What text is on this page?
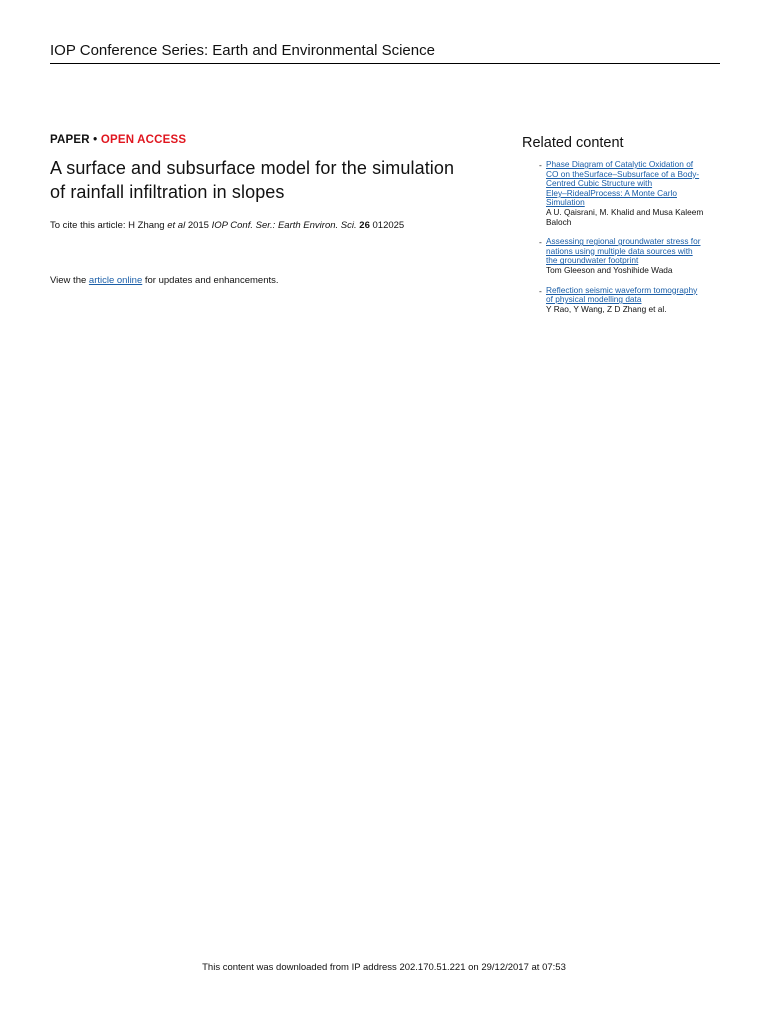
IOP Conference Series: Earth and Environmental Science
PAPER • OPEN ACCESS
A surface and subsurface model for the simulation
of rainfall infiltration in slopes
To cite this article: H Zhang et al 2015 IOP Conf. Ser.: Earth Environ. Sci. 26 012025
View the article online for updates and enhancements.
Related content
- Phase Diagram of Catalytic Oxidation of
CO on theSurface–Subsurface of a Body-
Centred Cubic Structure with
Eley–RidealProcess: A Monte Carlo
Simulation
A U. Qaisrani, M. Khalid and Musa Kaleem
Baloch
- Assessing regional groundwater stress for
nations using multiple data sources with
the groundwater footprint
Tom Gleeson and Yoshihide Wada
- Reflection seismic waveform tomography
of physical modelling data
Y Rao, Y Wang, Z D Zhang et al.
This content was downloaded from IP address 202.170.51.221 on 29/12/2017 at 07:53
